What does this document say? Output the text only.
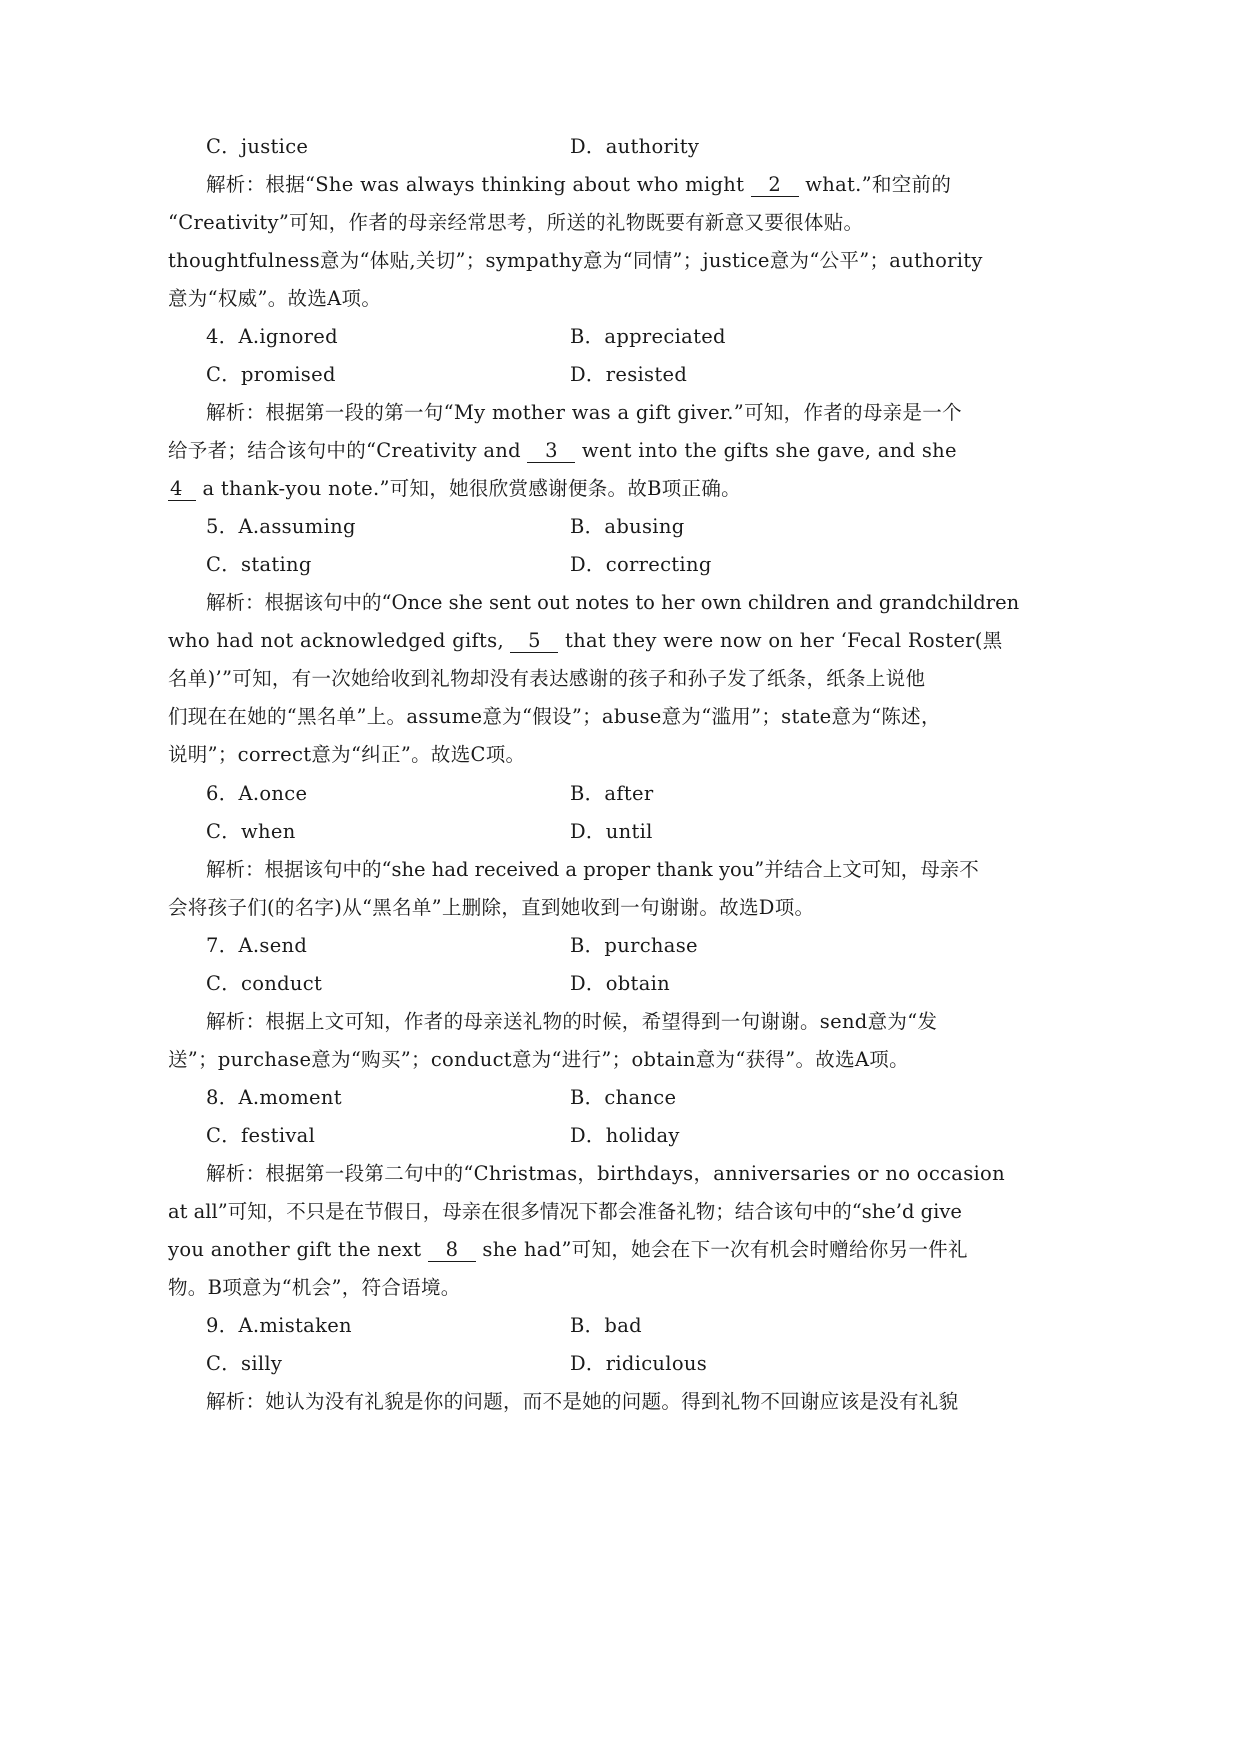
C．justice	D．authority
解析：根据“She was always thinking about who might 2 what.”和空前的
“Creativity”可知，作者的母亲经常思考，所送的礼物既要有新意又要很体贴。
thoughtfulness意为“体贴,关切”；sympathy意为“同情”；justice意为“公平”；authority
意为“权威”。故选A项。
4．A.ignored	B．appreciated
C．promised	D．resisted
解析：根据第一段的第一句“My mother was a gift giver.”可知，作者的母亲是一个
给予者；结合该句中的“Creativity and 3 went into the gifts she gave, and she
4 a thank-you note.”可知，她很欣赏感谢便条。故B项正确。
5．A.assuming	B．abusing
C．stating	D．correcting
解析：根据该句中的“Once she sent out notes to her own children and grandchildren
who had not acknowledged gifts, 5 that they were now on her ‘Fecal Roster(黑
名单)’”可知，有一次她给收到礼物却没有表达感谢的孩子和孙子发了纸条，纸条上说他
们现在在她的“黑名单”上。assume意为“假设”；abuse意为“滥用”；state意为“陈述，
说明”；correct意为“纠正”。故选C项。
6．A.once	B．after
C．when	D．until
解析：根据该句中的“she had received a proper thank you”并结合上文可知，母亲不
会将孩子们(的名字)从“黑名单”上删除，直到她收到一句谢谢。故选D项。
7．A.send	B．purchase
C．conduct	D．obtain
解析：根据上文可知，作者的母亲送礼物的时候，希望得到一句谢谢。send意为“发
送”；purchase意为“购买”；conduct意为“进行”；obtain意为“获得”。故选A项。
8．A.moment	B．chance
C．festival	D．holiday
解析：根据第一段第二句中的“Christmas，birthdays，anniversaries or no occasion
at all”可知，不只是在节假日，母亲在很多情况下都会准备礼物；结合该句中的“she’d give
you another gift the next 8 she had”可知，她会在下一次有机会时赠给你另一件礼
物。B项意为“机会”，符合语境。
9．A.mistaken	B．bad
C．silly	D．ridiculous
解析：她认为没有礼貌是你的问题，而不是她的问题。得到礼物不回谢应该是没有礼貌
